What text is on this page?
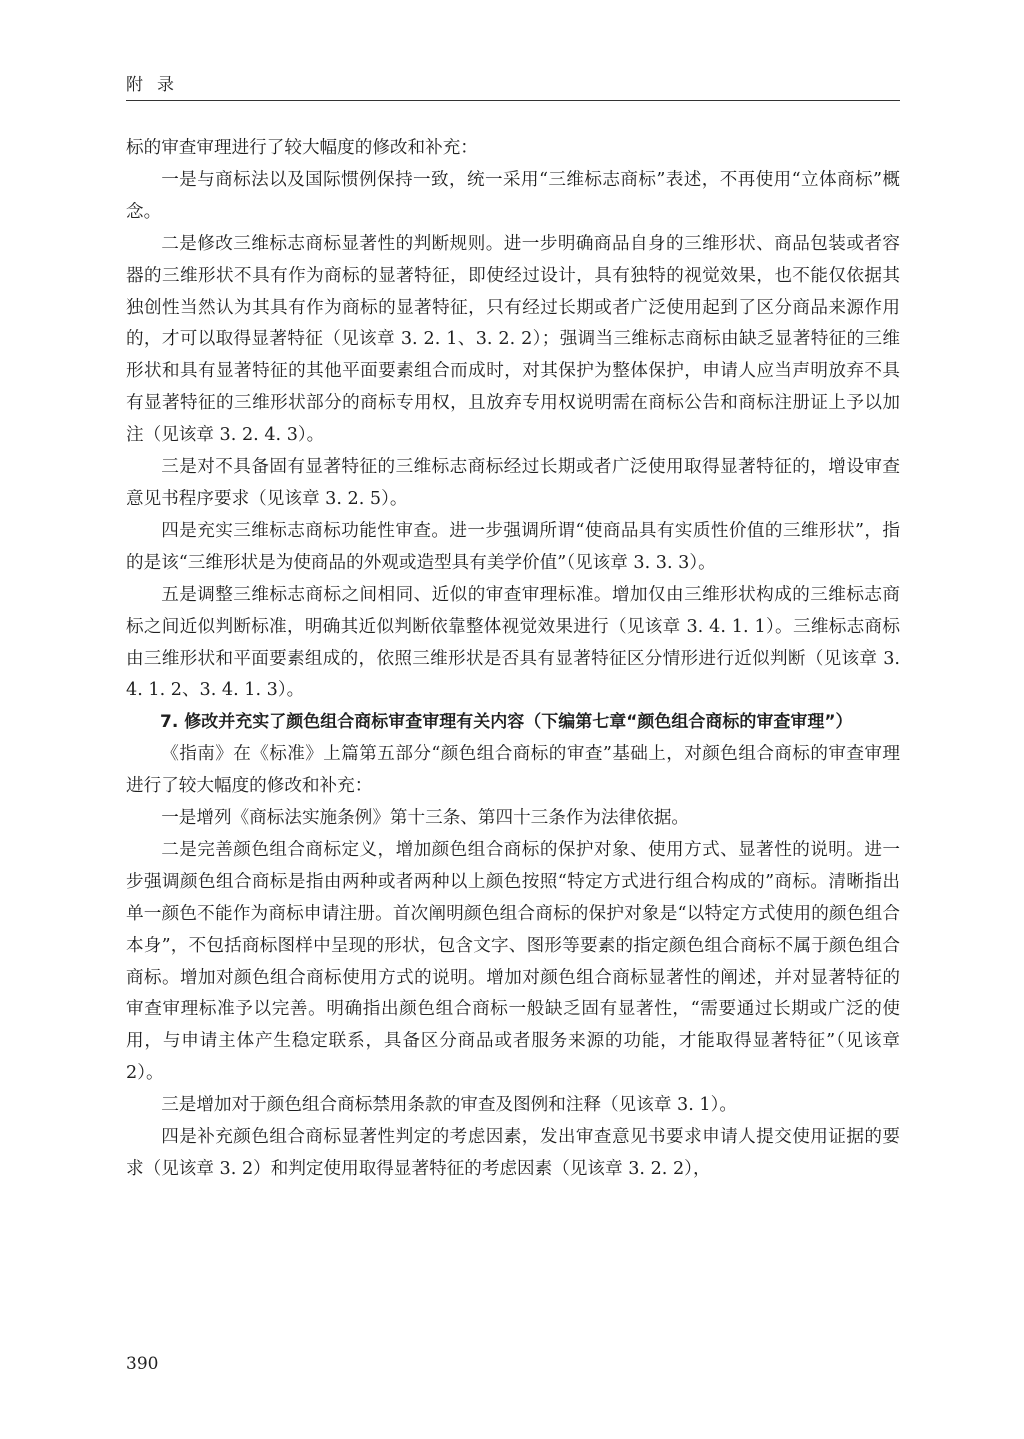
附录

标的审查审理进行了较大幅度的修改和补充：

一是与商标法以及国际惯例保持一致，统一采用“三维标志商标”表述，不再使用“立体商标”概念。

二是修改三维标志商标显著性的判断规则。进一步明确商品自身的三维形状、商品包装或者容器的三维形状不具有作为商标的显著特征，即使经过设计，具有独特的视觉效果，也不能仅依据其独创性当然认为其具有作为商标的显著特征，只有经过长期或者广泛使用起到了区分商品来源作用的，才可以取得显著特征（见该章 3. 2. 1、3. 2. 2）；强调当三维标志商标由缺乏显著特征的三维形状和具有显著特征的其他平面要素组合而成时，对其保护为整体保护，申请人应当声明放弃不具有显著特征的三维形状部分的商标专用权，且放弃专用权说明需在商标公告和商标注册证上予以加注（见该章 3. 2. 4. 3）。

三是对不具备固有显著特征的三维标志商标经过长期或者广泛使用取得显著特征的，增设审查意见书程序要求（见该章 3. 2. 5）。

四是充实三维标志商标功能性审查。进一步强调所谓“使商品具有实质性价值的三维形状”，指的是该“三维形状是为使商品的外观或造型具有美学价值”（见该章 3. 3. 3）。

五是调整三维标志商标之间相同、近似的审查审理标准。增加仅由三维形状构成的三维标志商标之间近似判断标准，明确其近似判断依靠整体视觉效果进行（见该章 3. 4. 1. 1）。三维标志商标由三维形状和平面要素组成的，依照三维形状是否具有显著特征区分情形进行近似判断（见该章 3. 4. 1. 2、3. 4. 1. 3）。

7. 修改并充实了颜色组合商标审查审理有关内容（下编第七章“颜色组合商标的审查审理”）

《指南》在《标准》上篇第五部分“颜色组合商标的审查”基础上，对颜色组合商标的审查审理进行了较大幅度的修改和补充：

一是增列《商标法实施条例》第十三条、第四十三条作为法律依据。

二是完善颜色组合商标定义，增加颜色组合商标的保护对象、使用方式、显著性的说明。进一步强调颜色组合商标是指由两种或者两种以上颜色按照“特定方式进行组合构成的”商标。清晰指出单一颜色不能作为商标申请注册。首次阐明颜色组合商标的保护对象是“以特定方式使用的颜色组合本身”，不包括商标图样中呈现的形状，包含文字、图形等要素的指定颜色组合商标不属于颜色组合商标。增加对颜色组合商标使用方式的说明。增加对颜色组合商标显著性的阐述，并对显著特征的审查审理标准予以完善。明确指出颜色组合商标一般缺乏固有显著性，“需要通过长期或广泛的使用，与申请主体产生稳定联系，具备区分商品或者服务来源的功能，才能取得显著特征”（见该章 2）。

三是增加对于颜色组合商标禁用条款的审查及图例和注释（见该章 3. 1）。

四是补充颜色组合商标显著性判定的考虑因素，发出审查意见书要求申请人提交使用证据的要求（见该章 3. 2）和判定使用取得显著特征的考虑因素（见该章 3. 2. 2），

390
